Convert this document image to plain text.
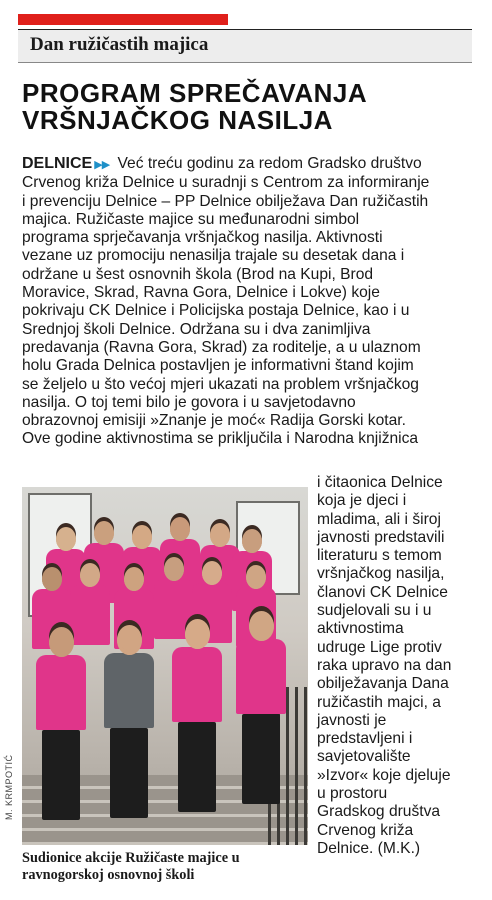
Dan ružičastih majica
PROGRAM SPREČAVANJA
VRŠNJAČKOG NASILJA
DELNICE ▶▶ Već treću godinu za redom Gradsko društvo
Crvenog križa Delnice u suradnji s Centrom za informiranje
i prevenciju Delnice – PP Delnice obilježava Dan ružičastih
majica. Ružičaste majice su međunarodni simbol
programa sprječavanja vršnjačkog nasilja. Aktivnosti
vezane uz promociju nenasilja trajale su desetak dana i
održane u šest osnovnih škola (Brod na Kupi, Brod
Moravice, Skrad, Ravna Gora, Delnice i Lokve) koje
pokrivaju CK Delnice i Policijska postaja Delnice, kao i u
Srednjoj školi Delnice. Održana su i dva zanimljiva
predavanja (Ravna Gora, Skrad) za roditelje, a u ulaznom
holu Grada Delnica postavljen je informativni štand kojim
se željelo u što većoj mjeri ukazati na problem vršnjačkog
nasilja. O toj temi bilo je govora i u savjetodavno
obrazovnoj emisiji »Znanje je moć« Radija Gorski kotar.
Ove godine aktivnostima se priključila i Narodna knjižnica
M. KRMPOTIĆ
Sudionice akcije Ružičaste majice u
ravnogorskoj osnovnoj školi
i čitaonica Delnice
koja je djeci i
mladima, ali i široj
javnosti predstavili
literaturu s temom
vršnjačkog nasilja,
članovi CK Delnice
sudjelovali su i u
aktivnostima
udruge Lige protiv
raka upravo na dan
obilježavanja Dana
ružičastih majci, a
javnosti je
predstavljeni i
savjetovalište
»Izvor« koje djeluje
u prostoru
Gradskog društva
Crvenog križa
Delnice. (M.K.)
